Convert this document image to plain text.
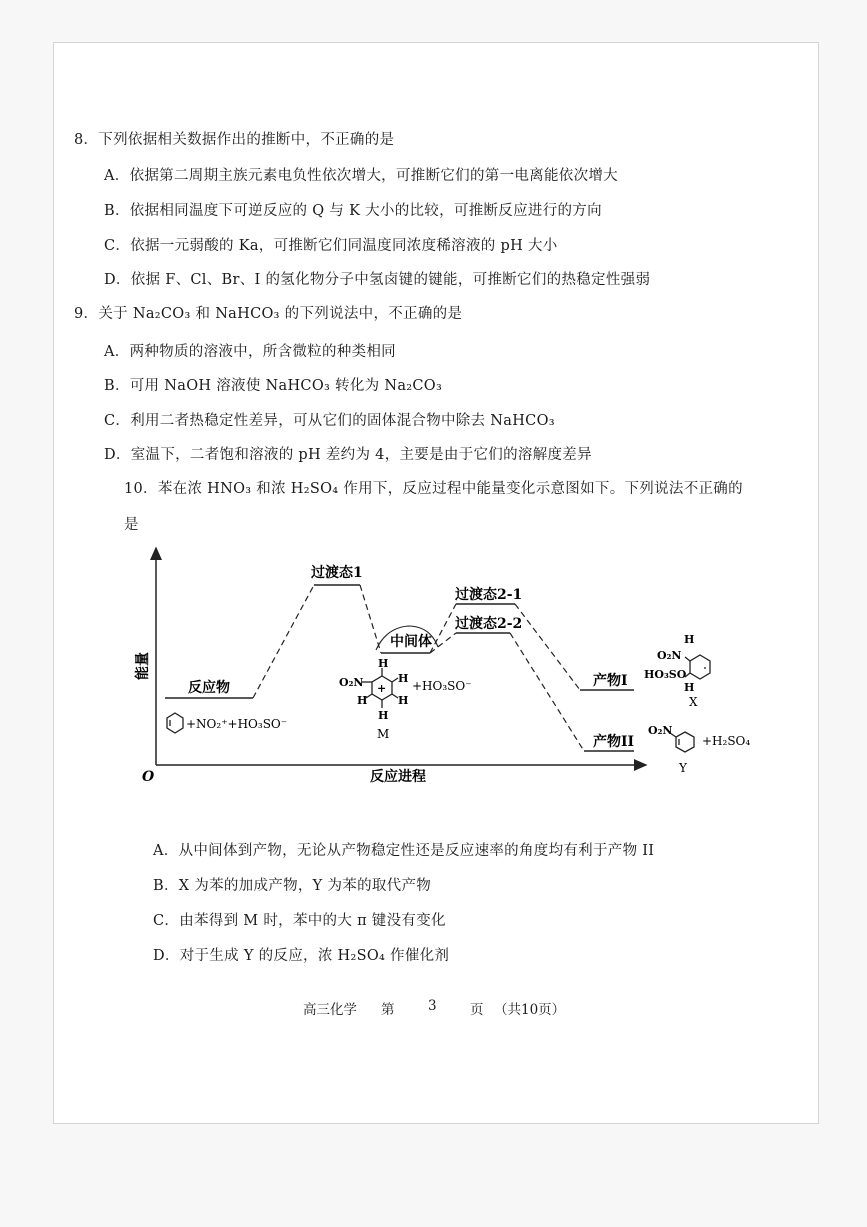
8．下列依据相关数据作出的推断中，不正确的是
A．依据第二周期主族元素电负性依次增大，可推断它们的第一电离能依次增大
B．依据相同温度下可逆反应的 Q 与 K 大小的比较，可推断反应进行的方向
C．依据一元弱酸的 Ka，可推断它们同温度同浓度稀溶液的 pH 大小
D．依据 F、Cl、Br、I 的氢化物分子中氢卤键的键能，可推断它们的热稳定性强弱
9．关于 Na₂CO₃ 和 NaHCO₃ 的下列说法中，不正确的是
A．两种物质的溶液中，所含微粒的种类相同
B．可用 NaOH 溶液使 NaHCO₃ 转化为 Na₂CO₃
C．利用二者热稳定性差异，可从它们的固体混合物中除去 NaHCO₃
D．室温下，二者饱和溶液的 pH 差约为 4，主要是由于它们的溶解度差异
10．苯在浓 HNO₃ 和浓 H₂SO₄ 作用下，反应过程中能量变化示意图如下。下列说法不正确的
是
O	反应进程
能量
反应物
过渡态1
中间体
过渡态2-1
过渡态2-2
产物I
产物II
+NO₂⁺+HO₃SO⁻
H
+
H
H
H
H
O₂N	+HO₃SO⁻
M
H
O₂N
HO₃SO
H
X
O₂N
+H₂SO₄
Y
A．从中间体到产物，无论从产物稳定性还是反应速率的角度均有利于产物 II
B．X 为苯的加成产物，Y 为苯的取代产物
C．由苯得到 M 时，苯中的大 π 键没有变化
D．对于生成 Y 的反应，浓 H₂SO₄ 作催化剂
高三化学 第 3 页 （共10页）
